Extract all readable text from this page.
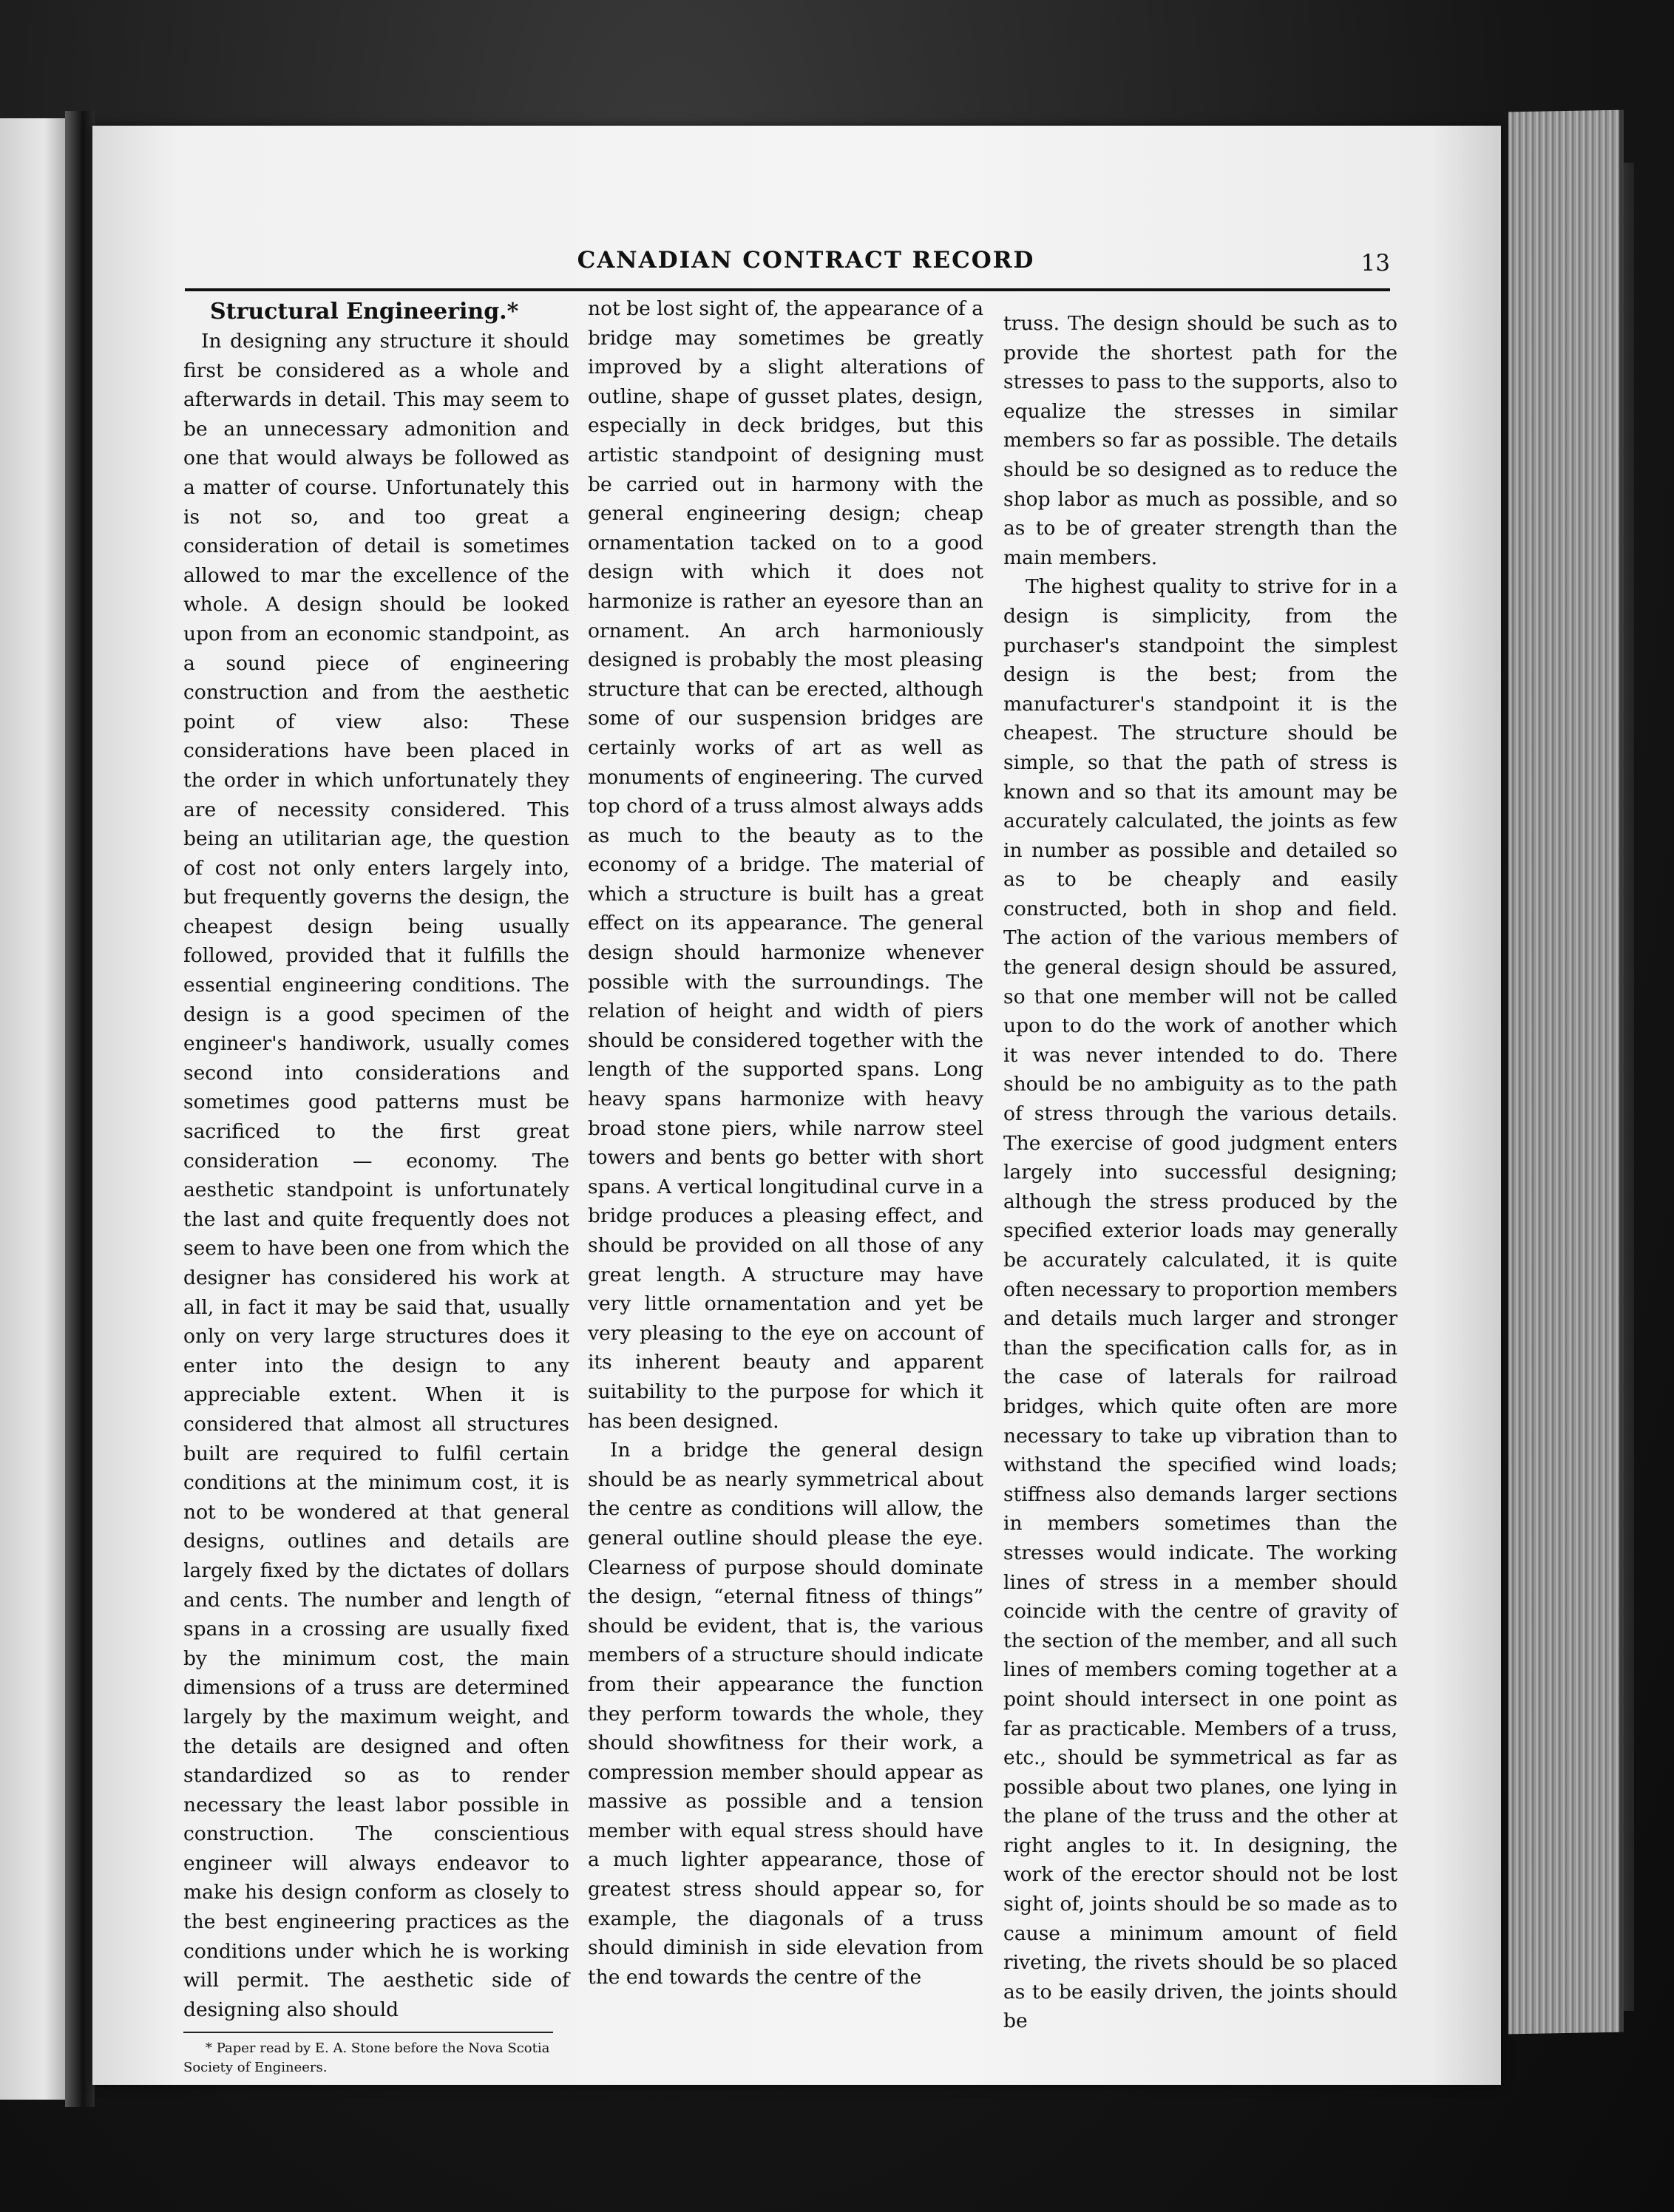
CANADIAN CONTRACT RECORD	13
Structural Engineering.*

In designing any structure it should first be considered as a whole and afterwards in detail. This may seem to be an unnecessary admonition and one that would always be followed as a matter of course. Unfortunately this is not so, and too great a consideration of detail is sometimes allowed to mar the excellence of the whole. A design should be looked upon from an economic standpoint, as a sound piece of engineering construction and from the aesthetic point of view also: These considerations have been placed in the order in which unfortunately they are of necessity considered. This being an utilitarian age, the question of cost not only enters largely into, but frequently governs the design, the cheapest design being usually followed, provided that it fulfills the essential engineering conditions. The design is a good specimen of the engineer's handiwork, usually comes second into considerations and sometimes good patterns must be sacrificed to the first great consideration — economy. The aesthetic standpoint is unfortunately the last and quite frequently does not seem to have been one from which the designer has considered his work at all, in fact it may be said that, usually only on very large structures does it enter into the design to any appreciable extent. When it is considered that almost all structures built are required to fulfil certain conditions at the minimum cost, it is not to be wondered at that general designs, outlines and details are largely fixed by the dictates of dollars and cents. The number and length of spans in a crossing are usually fixed by the minimum cost, the main dimensions of a truss are determined largely by the maximum weight, and the details are designed and often standardized so as to render necessary the least labor possible in construction. The conscientious engineer will always endeavor to make his design conform as closely to the best engineering practices as the conditions under which he is working will permit. The aesthetic side of designing also should

* Paper read by E. A. Stone before the Nova Scotia Society of Engineers.

not be lost sight of, the appearance of a bridge may sometimes be greatly improved by a slight alterations of outline, shape of gusset plates, design, especially in deck bridges, but this artistic standpoint of designing must be carried out in harmony with the general engineering design; cheap ornamentation tacked on to a good design with which it does not harmonize is rather an eyesore than an ornament. An arch harmoniously designed is probably the most pleasing structure that can be erected, although some of our suspension bridges are certainly works of art as well as monuments of engineering. The curved top chord of a truss almost always adds as much to the beauty as to the economy of a bridge. The material of which a structure is built has a great effect on its appearance. The general design should harmonize whenever possible with the surroundings. The relation of height and width of piers should be considered together with the length of the supported spans. Long heavy spans harmonize with heavy broad stone piers, while narrow steel towers and bents go better with short spans. A vertical longitudinal curve in a bridge produces a pleasing effect, and should be provided on all those of any great length. A structure may have very little ornamentation and yet be very pleasing to the eye on account of its inherent beauty and apparent suitability to the purpose for which it has been designed.

In a bridge the general design should be as nearly symmetrical about the centre as conditions will allow, the general outline should please the eye. Clearness of purpose should dominate the design, “eternal fitness of things” should be evident, that is, the various members of a structure should indicate from their appearance the function they perform towards the whole, they should showfitness for their work, a compression member should appear as massive as possible and a tension member with equal stress should have a much lighter appearance, those of greatest stress should appear so, for example, the diagonals of a truss should diminish in side elevation from the end towards the centre of the

truss. The design should be such as to provide the shortest path for the stresses to pass to the supports, also to equalize the stresses in similar members so far as possible. The details should be so designed as to reduce the shop labor as much as possible, and so as to be of greater strength than the main members.

The highest quality to strive for in a design is simplicity, from the purchaser's standpoint the simplest design is the best; from the manufacturer's standpoint it is the cheapest. The structure should be simple, so that the path of stress is known and so that its amount may be accurately calculated, the joints as few in number as possible and detailed so as to be cheaply and easily constructed, both in shop and field. The action of the various members of the general design should be assured, so that one member will not be called upon to do the work of another which it was never intended to do. There should be no ambiguity as to the path of stress through the various details. The exercise of good judgment enters largely into successful designing; although the stress produced by the specified exterior loads may generally be accurately calculated, it is quite often necessary to proportion members and details much larger and stronger than the specification calls for, as in the case of laterals for railroad bridges, which quite often are more necessary to take up vibration than to withstand the specified wind loads; stiffness also demands larger sections in members sometimes than the stresses would indicate. The working lines of stress in a member should coincide with the centre of gravity of the section of the member, and all such lines of members coming together at a point should intersect in one point as far as practicable. Members of a truss, etc., should be symmetrical as far as possible about two planes, one lying in the plane of the truss and the other at right angles to it. In designing, the work of the erector should not be lost sight of, joints should be so made as to cause a minimum amount of field riveting, the rivets should be so placed as to be easily driven, the joints should be
